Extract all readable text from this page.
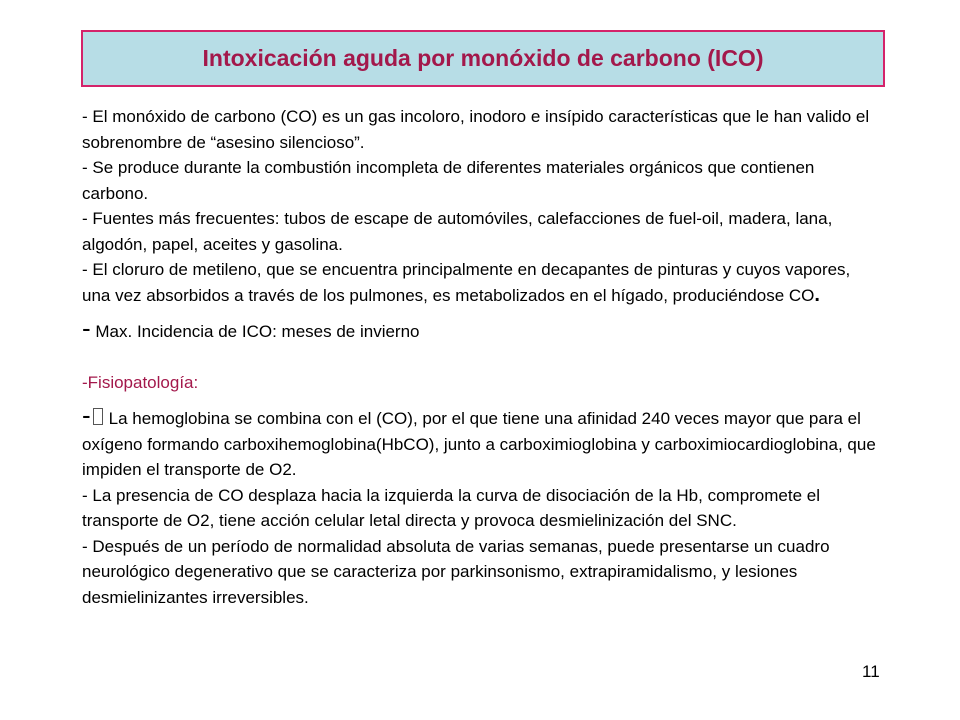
Intoxicación aguda por monóxido de carbono (ICO)

- El monóxido de carbono (CO) es un gas incoloro, inodoro e insípido características que le han valido el sobrenombre de “asesino silencioso”.

- Se produce durante la combustión incompleta de diferentes materiales orgánicos que contienen carbono.

- Fuentes más frecuentes: tubos de escape de automóviles, calefacciones de fuel-oil, madera, lana, algodón, papel, aceites y gasolina.

- El cloruro de metileno, que se encuentra principalmente en decapantes de pinturas y cuyos vapores, una vez absorbidos a través de los pulmones, es metabolizados en el hígado, produciéndose CO.

- Max. Incidencia de ICO: meses de invierno

-Fisiopatología:

- La hemoglobina se combina con el (CO), por el que tiene una afinidad 240 veces mayor que para el oxígeno formando carboxihemoglobina(HbCO), junto a carboximioglobina y carboximiocardioglobina, que impiden el transporte de O2.

- La presencia de CO desplaza hacia la izquierda la curva de disociación de la Hb, compromete el transporte de O2, tiene acción celular letal directa y provoca desmielinización del SNC.

- Después de un período de normalidad absoluta de varias semanas, puede presentarse un cuadro neurológico degenerativo que se caracteriza por parkinsonismo, extrapiramidalismo, y lesiones desmielinizantes irreversibles.

11
